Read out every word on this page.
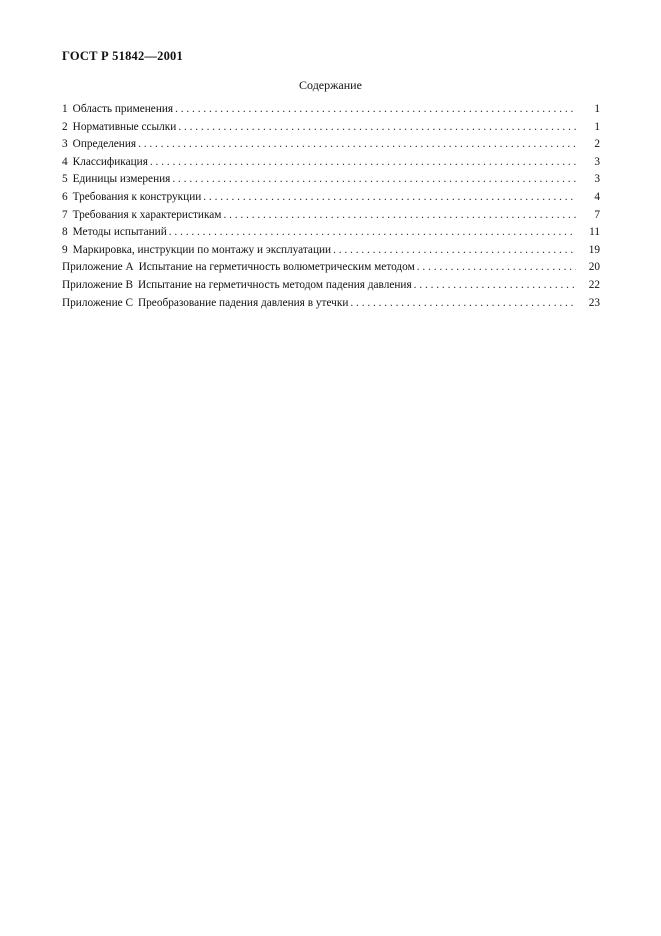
ГОСТ Р 51842—2001
Содержание
1 Область применения . . .	1
2 Нормативные ссылки . . .	1
3 Определения . . .	2
4 Классификация . . .	3
5 Единицы измерения . . .	3
6 Требования к конструкции . . .	4
7 Требования к характеристикам . . .	7
8 Методы испытаний . . .	11
9 Маркировка, инструкции по монтажу и эксплуатации . . .	19
Приложение А Испытание на герметичность волюметрическим методом . . .	20
Приложение В Испытание на герметичность методом падения давления . . .	22
Приложение С Преобразование падения давления в утечки . . .	23
